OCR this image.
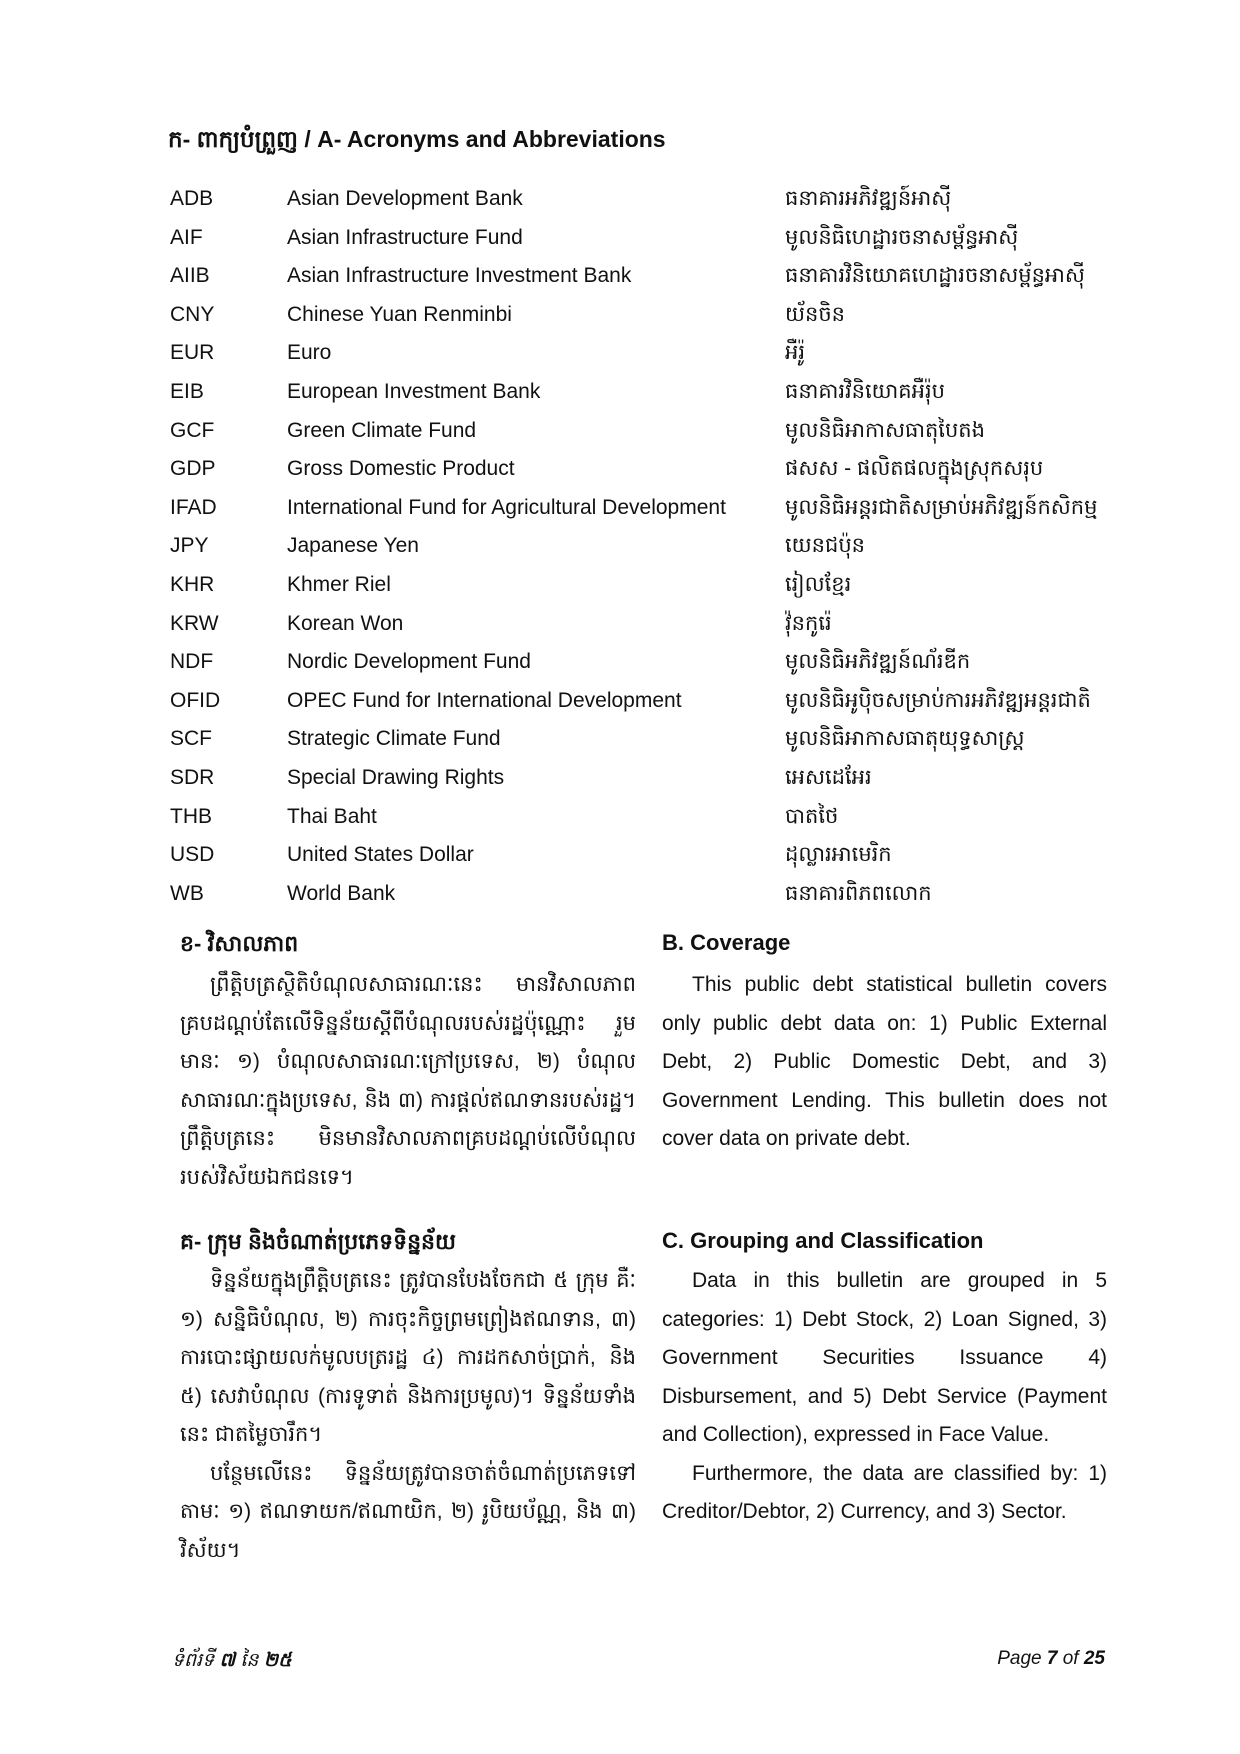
ក- ពាក្យបំព្រួញ / A- Acronyms and Abbreviations
ADB	Asian Development Bank	ធនាគារអភិវឌ្ឍន៍អាស៊ី
AIF	Asian Infrastructure Fund	មូលនិធិហេដ្ឋារចនាសម្ព័ន្ធអាស៊ី
AIIB	Asian Infrastructure Investment Bank	ធនាគារវិនិយោគហេដ្ឋារចនាសម្ព័ន្ធអាស៊ី
CNY	Chinese Yuan Renminbi	យ័នចិន
EUR	Euro	អឺរ៉ូ
EIB	European Investment Bank	ធនាគារវិនិយោគអឺរ៉ុប
GCF	Green Climate Fund	មូលនិធិអាកាសធាតុបៃតង
GDP	Gross Domestic Product	ផសស - ផលិតផលក្នុងស្រុកសរុប
IFAD	International Fund for Agricultural Development	មូលនិធិអន្តរជាតិសម្រាប់អភិវឌ្ឍន៍កសិកម្ម
JPY	Japanese Yen	យេនជប៉ុន
KHR	Khmer Riel	រៀលខ្មែរ
KRW	Korean Won	វ៉ុនកូរ៉េ
NDF	Nordic Development Fund	មូលនិធិអភិវឌ្ឍន៍ណ័រឌីក
OFID	OPEC Fund for International Development	មូលនិធិអូប៉ិចសម្រាប់ការអភិវឌ្ឍអន្តរជាតិ
SCF	Strategic Climate Fund	មូលនិធិអាកាសធាតុយុទ្ធសាស្ត្រ
SDR	Special Drawing Rights	អេសដេអែរ
THB	Thai Baht	បាតថៃ
USD	United States Dollar	ដុល្លារអាមេរិក
WB	World Bank	ធនាគារពិភពលោក
ខ- វិសាលភាព

ព្រឹត្តិបត្រស្ថិតិបំណុលសាធារណៈនេះ មានវិសាលភាពគ្របដណ្តប់តែលើទិន្នន័យស្តីពីបំណុលរបស់រដ្ឋប៉ុណ្ណោះ រួមមានៈ ១) បំណុលសាធារណៈក្រៅប្រទេស, ២) បំណុលសាធារណៈក្នុងប្រទេស, និង ៣) ការផ្តល់ឥណទានរបស់រដ្ឋ។ ព្រឹត្តិបត្រនេះ មិនមានវិសាលភាពគ្របដណ្តប់លើបំណុលរបស់វិស័យឯកជនទេ។

B. Coverage

This public debt statistical bulletin covers only public debt data on: 1) Public External Debt, 2) Public Domestic Debt, and 3) Government Lending. This bulletin does not cover data on private debt.

គ- ក្រុម និងចំណាត់ប្រភេទទិន្នន័យ

ទិន្នន័យក្នុងព្រឹត្តិបត្រនេះ ត្រូវបានបែងចែកជា ៥ ក្រុម គឺៈ ១) សន្និធិបំណុល, ២) ការចុះកិច្ចព្រមព្រៀងឥណទាន, ៣) ការបោះផ្សាយលក់មូលបត្ររដ្ឋ ៤) ការដកសាច់ប្រាក់, និង ៥) សេវាបំណុល (ការទូទាត់ និងការប្រមូល)។ ទិន្នន័យទាំងនេះ ជាតម្លៃចារឹក។

បន្ថែមលើនេះ ទិន្នន័យត្រូវបានចាត់ចំណាត់ប្រភេទទៅតាមៈ ១) ឥណទាយក/ឥណាយិក, ២) រូបិយប័ណ្ណ, និង ៣) វិស័យ។

C. Grouping and Classification

Data in this bulletin are grouped in 5 categories: 1) Debt Stock, 2) Loan Signed, 3) Government Securities Issuance 4) Disbursement, and 5) Debt Service (Payment and Collection), expressed in Face Value.

Furthermore, the data are classified by: 1) Creditor/Debtor, 2) Currency, and 3) Sector.

ទំព័រទី ៧ នៃ ២៥	Page 7 of 25
